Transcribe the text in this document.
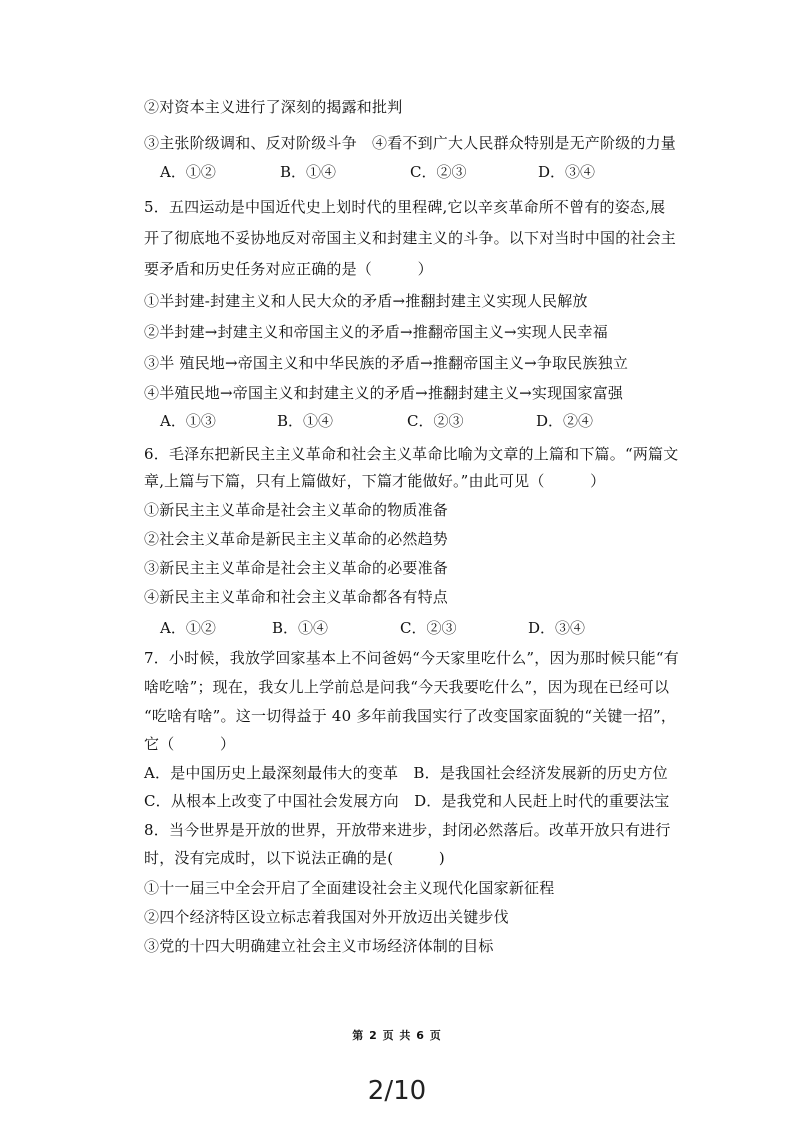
②对资本主义进行了深刻的揭露和批判
③主张阶级调和、反对阶级斗争　④看不到广大人民群众特别是无产阶级的力量
A．①②	B．①④	C．②③	D．③④
5．五四运动是中国近代史上划时代的里程碑,它以辛亥革命所不曾有的姿态,展
开了彻底地不妥协地反对帝国主义和封建主义的斗争。以下对当时中国的社会主
要矛盾和历史任务对应正确的是（　　　）
①半封建-封建主义和人民大众的矛盾→推翻封建主义实现人民解放
②半封建→封建主义和帝国主义的矛盾→推翻帝国主义→实现人民幸福
③半 殖民地→帝国主义和中华民族的矛盾→推翻帝国主义→争取民族独立
④半殖民地→帝国主义和封建主义的矛盾→推翻封建主义→实现国家富强
A．①③	B．①④	C．②③	D．②④
6．毛泽东把新民主主义革命和社会主义革命比喻为文章的上篇和下篇。“两篇文
章,上篇与下篇，只有上篇做好，下篇才能做好。”由此可见（　　　）
①新民主主义革命是社会主义革命的物质准备
②社会主义革命是新民主主义革命的必然趋势
③新民主主义革命是社会主义革命的必要准备
④新民主主义革命和社会主义革命都各有特点
A．①②	B．①④	C．②③	D．③④
7．小时候，我放学回家基本上不问爸妈“今天家里吃什么”，因为那时候只能“有
啥吃啥”；现在，我女儿上学前总是问我“今天我要吃什么”，因为现在已经可以
“吃啥有啥”。这一切得益于 40 多年前我国实行了改变国家面貌的“关键一招”，
它（　　　）
A．是中国历史上最深刻最伟大的变革　B．是我国社会经济发展新的历史方位
C．从根本上改变了中国社会发展方向　D．是我党和人民赶上时代的重要法宝
8．当今世界是开放的世界，开放带来进步，封闭必然落后。改革开放只有进行
时，没有完成时，以下说法正确的是(　　　)
①十一届三中全会开启了全面建设社会主义现代化国家新征程
②四个经济特区设立标志着我国对外开放迈出关键步伐
③党的十四大明确建立社会主义市场经济体制的目标
第 2 页 共 6 页
2/10
